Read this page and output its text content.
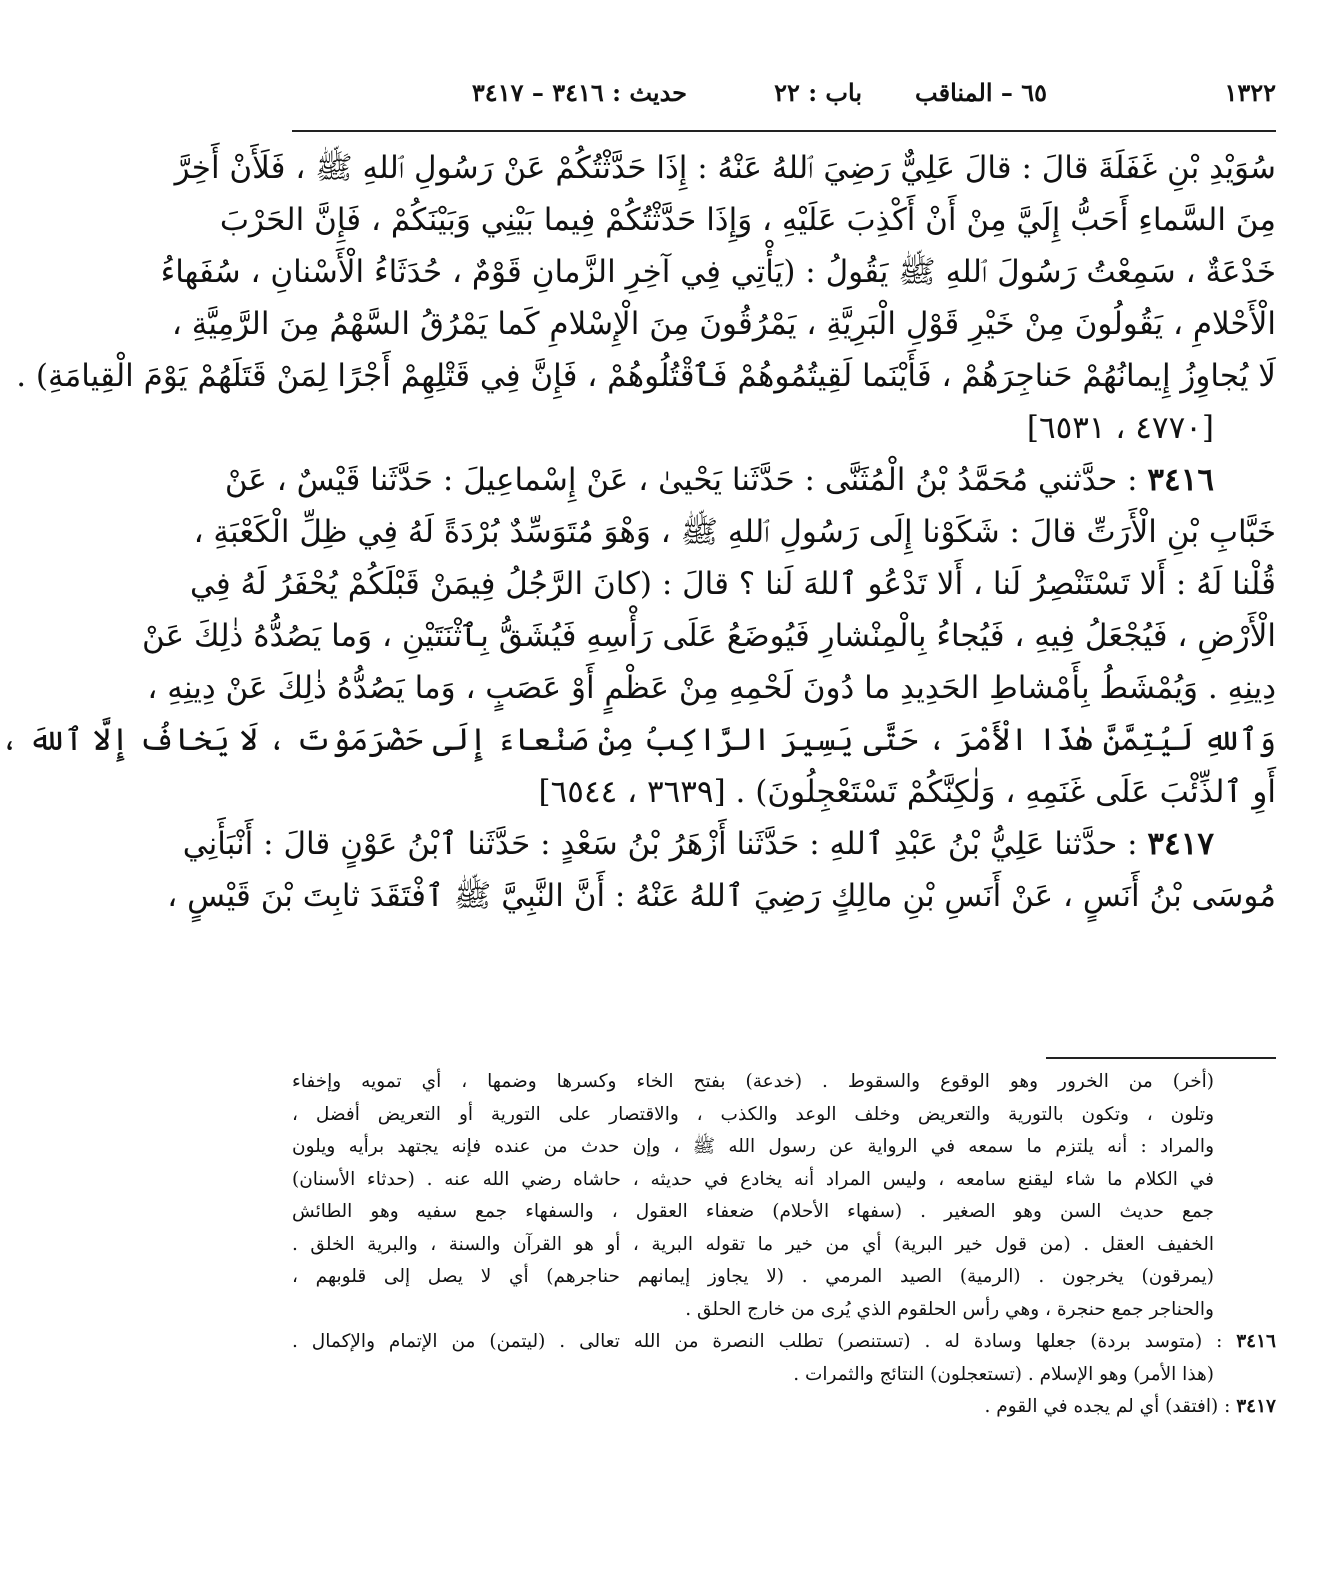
١٣٢٢
٦٥ – المناقب
باب : ٢٢
حديث : ٣٤١٦ – ٣٤١٧
سُوَيْدِ بْنِ غَفَلَةَ قالَ : قالَ عَلِيٌّ رَضِيَ ٱللهُ عَنْهُ : إِذَا حَدَّثْتُكُمْ عَنْ رَسُولِ ٱللهِ ﷺ ، فَلَأَنْ أَخِرَّ
مِنَ السَّماءِ أَحَبُّ إِلَيَّ مِنْ أَنْ أَكْذِبَ عَلَيْهِ ، وَإِذَا حَدَّثْتُكُمْ فِيما بَيْنِي وَبَيْنَكُمْ ، فَإِنَّ الحَرْبَ
خَدْعَةٌ ، سَمِعْتُ رَسُولَ ٱللهِ ﷺ يَقُولُ : (يَأْتِي فِي آخِرِ الزَّمانِ قَوْمٌ ، حُدَثَاءُ الْأَسْنانِ ، سُفَهاءُ
الْأَحْلامِ ، يَقُولُونَ مِنْ خَيْرِ قَوْلِ الْبَرِيَّةِ ، يَمْرُقُونَ مِنَ الْإِسْلامِ كَما يَمْرُقُ السَّهْمُ مِنَ الرَّمِيَّةِ ،
لَا يُجاوِزُ إِيمانُهُمْ حَناجِرَهُمْ ، فَأَيْنَما لَقِيتُمُوهُمْ فَٱقْتُلُوهُمْ ، فَإِنَّ فِي قَتْلِهِمْ أَجْرًا لِمَنْ قَتَلَهُمْ يَوْمَ الْقِيامَةِ) .
[٤٧٧٠ ، ٦٥٣١]
٣٤١٦ : حدَّثني مُحَمَّدُ بْنُ الْمُثَنَّى : حَدَّثَنا يَحْيىٰ ، عَنْ إِسْماعِيلَ : حَدَّثَنا قَيْسٌ ، عَنْ
خَبَّابِ بْنِ الْأَرَتِّ قالَ : شَكَوْنا إِلَى رَسُولِ ٱللهِ ﷺ ، وَهْوَ مُتَوَسِّدٌ بُرْدَةً لَهُ فِي ظِلِّ الْكَعْبَةِ ،
قُلْنا لَهُ : أَلا تَسْتَنْصِرُ لَنا ، أَلا تَدْعُو ٱللهَ لَنا ؟ قالَ : (كانَ الرَّجُلُ فِيمَنْ قَبْلَكُمْ يُحْفَرُ لَهُ فِي
الْأَرْضِ ، فَيُجْعَلُ فِيهِ ، فَيُجاءُ بِالْمِنْشارِ فَيُوضَعُ عَلَى رَأْسِهِ فَيُشَقُّ بِٱثْنَتَيْنِ ، وَما يَصُدُّهُ ذٰلِكَ عَنْ
دِينِهِ . وَيُمْشَطُ بِأَمْشاطِ الحَدِيدِ ما دُونَ لَحْمِهِ مِنْ عَظْمٍ أَوْ عَصَبٍ ، وَما يَصُدُّهُ ذٰلِكَ عَنْ دِينِهِ ،
وَٱللهِ لَيُتِمَّنَّ هٰذَا الْأَمْرَ ، حَتَّى يَسِيرَ الرَّاكِبُ مِنْ صَنْعاءَ إِلَى حَضْرَمَوْتَ ، لَا يَخافُ إِلَّا ٱللهَ ،
أَوِ ٱلذِّئْبَ عَلَى غَنَمِهِ ، وَلٰكِنَّكُمْ تَسْتَعْجِلُونَ) . [٣٦٣٩ ، ٦٥٤٤]
٣٤١٧ : حدَّثنا عَلِيُّ بْنُ عَبْدِ ٱللهِ : حَدَّثَنا أَزْهَرُ بْنُ سَعْدٍ : حَدَّثَنا ٱبْنُ عَوْنٍ قالَ : أَنْبَأَنِي
مُوسَى بْنُ أَنَسٍ ، عَنْ أَنَسِ بْنِ مالِكٍ رَضِيَ ٱللهُ عَنْهُ : أَنَّ النَّبِيَّ ﷺ ٱفْتَقَدَ ثابِتَ بْنَ قَيْسٍ ،
(أخر) من الخرور وهو الوقوع والسقوط . (خدعة) بفتح الخاء وكسرها وضمها ، أي تمويه وإخفاء
وتلون ، وتكون بالتورية والتعريض وخلف الوعد والكذب ، والاقتصار على التورية أو التعريض أفضل ،
والمراد : أنه يلتزم ما سمعه في الرواية عن رسول الله ﷺ ، وإن حدث من عنده فإنه يجتهد برأيه ويلون
في الكلام ما شاء ليقنع سامعه ، وليس المراد أنه يخادع في حديثه ، حاشاه رضي الله عنه . (حدثاء الأسنان)
جمع حديث السن وهو الصغير . (سفهاء الأحلام) ضعفاء العقول ، والسفهاء جمع سفيه وهو الطائش
الخفيف العقل . (من قول خير البرية) أي من خير ما تقوله البرية ، أو هو القرآن والسنة ، والبرية الخلق .
(يمرقون) يخرجون . (الرمية) الصيد المرمي . (لا يجاوز إيمانهم حناجرهم) أي لا يصل إلى قلوبهم ،
والحناجر جمع حنجرة ، وهي رأس الحلقوم الذي يُرى من خارج الحلق .
٣٤١٦ : (متوسد بردة) جعلها وسادة له . (تستنصر) تطلب النصرة من الله تعالى . (ليتمن) من الإتمام والإكمال .
(هذا الأمر) وهو الإسلام . (تستعجلون) النتائج والثمرات .
٣٤١٧ : (افتقد) أي لم يجده في القوم .
